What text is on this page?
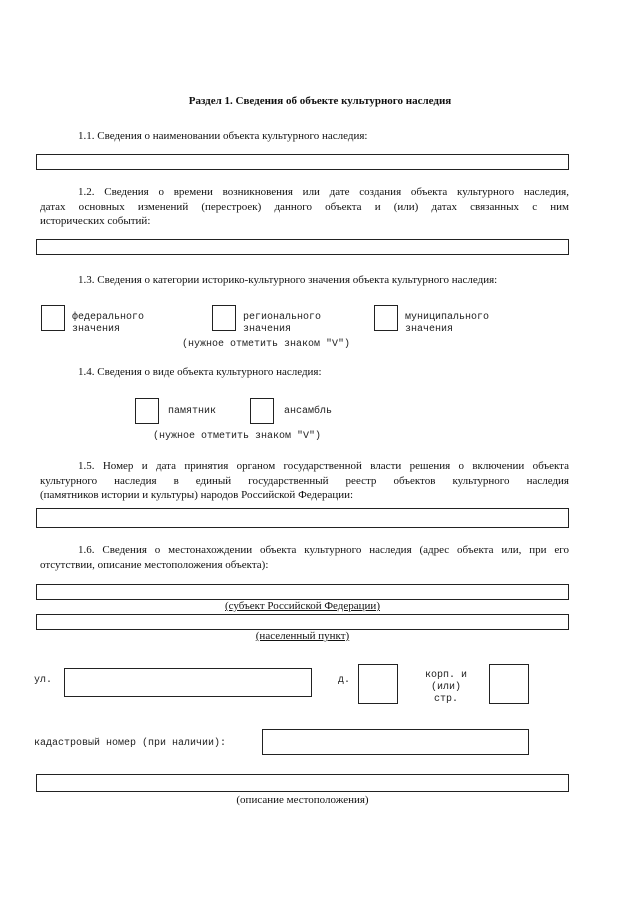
Раздел 1. Сведения об объекте культурного наследия
1.1. Сведения о наименовании объекта культурного наследия:
1.2. Сведения о времени возникновения или дате создания объекта культурного наследия,
датах основных изменений (перестроек) данного объекта и (или) датах связанных с ним
исторических событий:
1.3. Сведения о категории историко-культурного значения объекта культурного наследия:
федерального
значения
регионального
значения
муниципального
значения
(нужное отметить знаком "V")
1.4. Сведения о виде объекта культурного наследия:
памятник	ансамбль
(нужное отметить знаком "V")
1.5. Номер и дата принятия органом государственной власти решения о включении объекта
культурного наследия в единый государственный реестр объектов культурного наследия
(памятников истории и культуры) народов Российской Федерации:
1.6. Сведения о местонахождении объекта культурного наследия (адрес объекта или, при его
отсутствии, описание местоположения объекта):
(субъект Российской Федерации)
(населенный пункт)
ул.	д.	корп. и
(или)
стр.
кадастровый номер (при наличии):
(описание местоположения)
